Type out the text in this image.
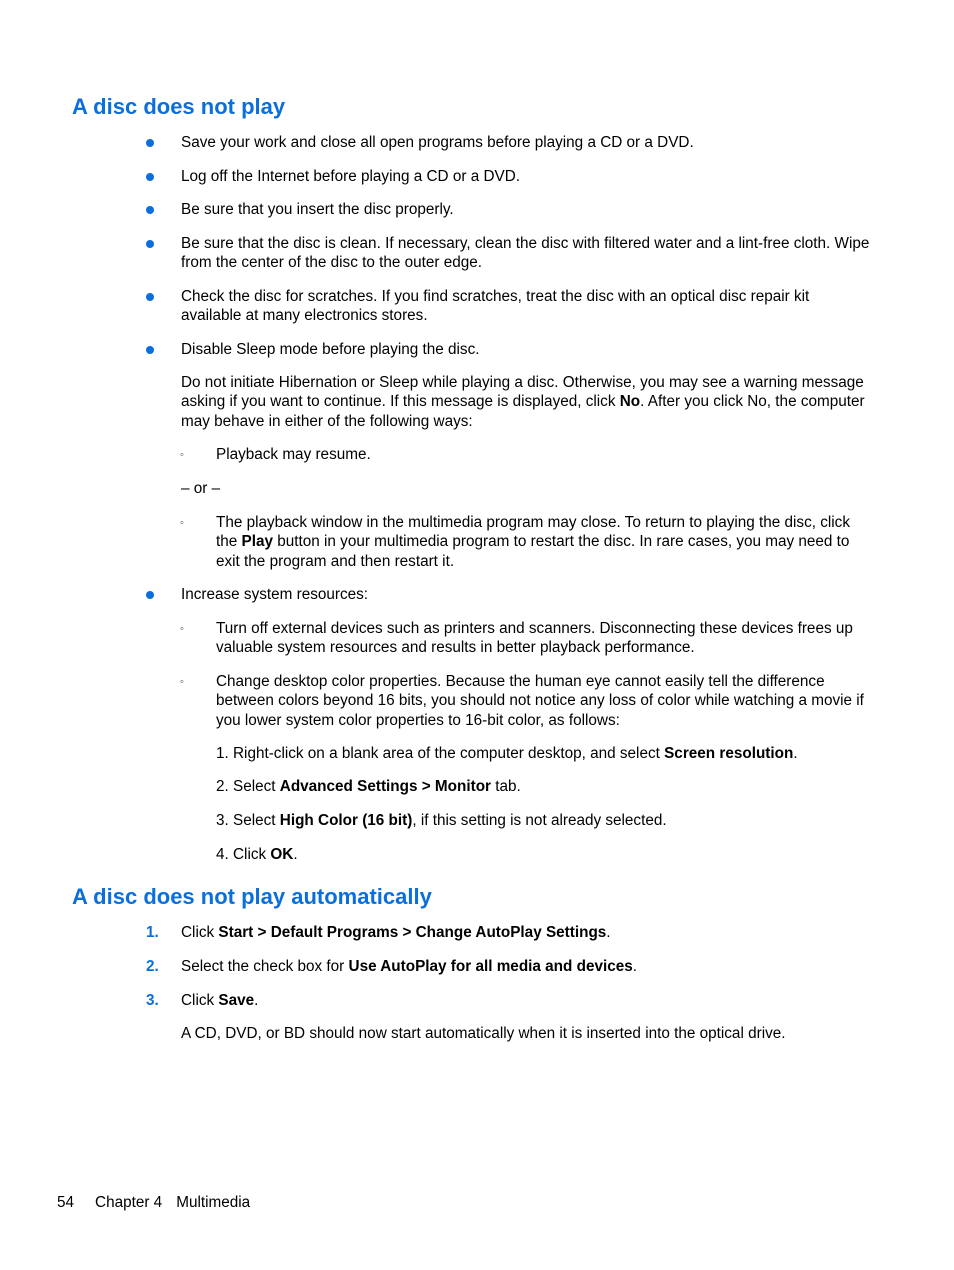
A disc does not play
Save your work and close all open programs before playing a CD or a DVD.
Log off the Internet before playing a CD or a DVD.
Be sure that you insert the disc properly.
Be sure that the disc is clean. If necessary, clean the disc with filtered water and a lint-free cloth. Wipe from the center of the disc to the outer edge.
Check the disc for scratches. If you find scratches, treat the disc with an optical disc repair kit available at many electronics stores.
Disable Sleep mode before playing the disc.
Do not initiate Hibernation or Sleep while playing a disc. Otherwise, you may see a warning message asking if you want to continue. If this message is displayed, click No. After you click No, the computer may behave in either of the following ways:
◦ Playback may resume.
– or –
◦ The playback window in the multimedia program may close. To return to playing the disc, click the Play button in your multimedia program to restart the disc. In rare cases, you may need to exit the program and then restart it.
Increase system resources:
◦ Turn off external devices such as printers and scanners. Disconnecting these devices frees up valuable system resources and results in better playback performance.
◦ Change desktop color properties. Because the human eye cannot easily tell the difference between colors beyond 16 bits, you should not notice any loss of color while watching a movie if you lower system color properties to 16-bit color, as follows:
1. Right-click on a blank area of the computer desktop, and select Screen resolution.
2. Select Advanced Settings > Monitor tab.
3. Select High Color (16 bit), if this setting is not already selected.
4. Click OK.
A disc does not play automatically
1. Click Start > Default Programs > Change AutoPlay Settings.
2. Select the check box for Use AutoPlay for all media and devices.
3. Click Save.
A CD, DVD, or BD should now start automatically when it is inserted into the optical drive.
54 Chapter 4 Multimedia
